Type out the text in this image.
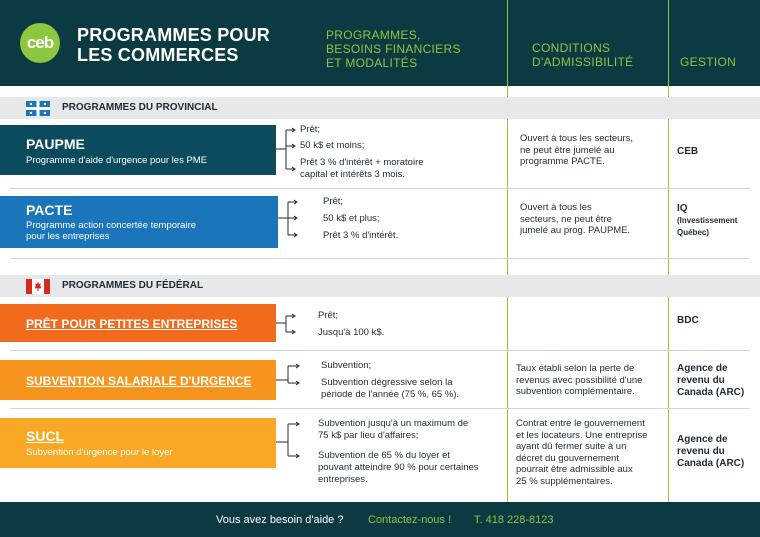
ceb	PROGRAMMES POUR
LES COMMERCES
PROGRAMMES,
BESOINS FINANCIERS
ET MODALITÉS
CONDITIONS
D'ADMISSIBILITÉ	GESTION
PROGRAMMES DU PROVINCIAL
PAUPME
Programme d'aide d'urgence pour les PME
Prêt;
50 k$ et moins;
Prêt 3 % d'intérêt + moratoire
capital et intérêts 3 mois.
Ouvert à tous les secteurs,
ne peut être jumelé au
programme PACTE.
CEB
PACTE
Programme action concertée temporaire
pour les entreprises
Prêt;
50 k$ et plus;
Prêt 3 % d'intérêt.
Ouvert à tous les
secteurs, ne peut être
jumelé au prog. PAUPME.
IQ
(Investissement
Québec)
PROGRAMMES DU FÉDÉRAL
PRÊT POUR PETITES ENTREPRISES
Prêt;
Jusqu'à 100 k$.
BDC
SUBVENTION SALARIALE D'URGENCE
Subvention;
Subvention dégressive selon la
période de l'année (75 %, 65 %).
Taux établi selon la perte de
revenus avec possibilité d'une
subvention complémentaire.
Agence de
revenu du
Canada (ARC)
SUCL
Subvention d'urgence pour le loyer
Subvention jusqu'à un maximum de
75 k$ par lieu d'affaires;
Subvention de 65 % du loyer et
pouvant atteindre 90 % pour certaines
entreprises.
Contrat entre le gouvernement
et les locateurs. Une entreprise
ayant dû fermer suite à un
décret du gouvernement
pourrait être admissible aux
25 % supplémentaires.
Agence de
revenu du
Canada (ARC)
Vous avez besoin d'aide ? Contactez-nous ! T. 418 228-8123
